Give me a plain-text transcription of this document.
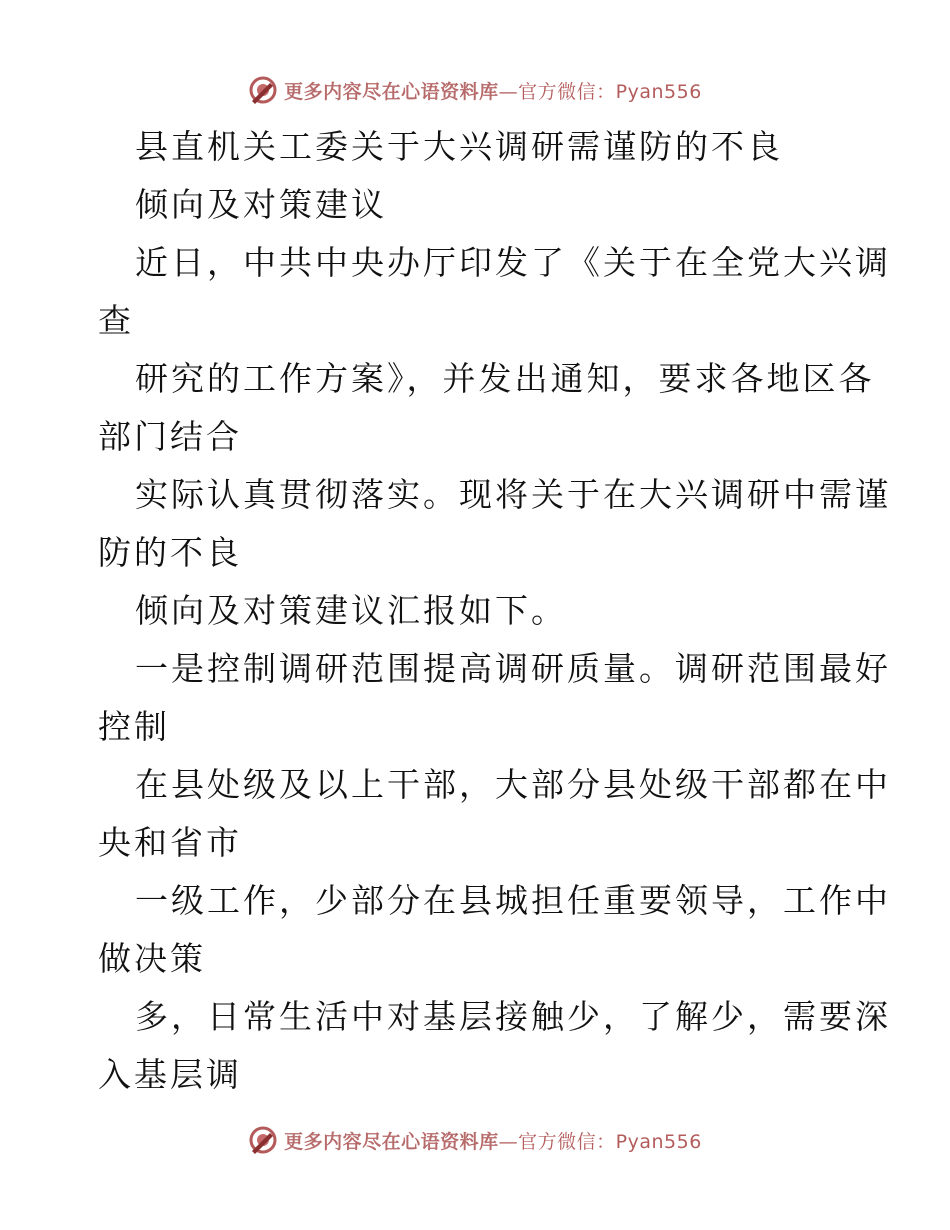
更多内容尽在心语资料库—官方微信：Pyan556
县直机关工委关于大兴调研需谨防的不良
倾向及对策建议
近日，中共中央办厅印发了《关于在全党大兴调
查
研究的工作方案》，并发出通知，要求各地区各
部门结合
实际认真贯彻落实。现将关于在大兴调研中需谨
防的不良
倾向及对策建议汇报如下。
一是控制调研范围提高调研质量。调研范围最好
控制
在县处级及以上干部，大部分县处级干部都在中
央和省市
一级工作，少部分在县城担任重要领导，工作中
做决策
多，日常生活中对基层接触少，了解少，需要深
入基层调
更多内容尽在心语资料库—官方微信：Pyan556
